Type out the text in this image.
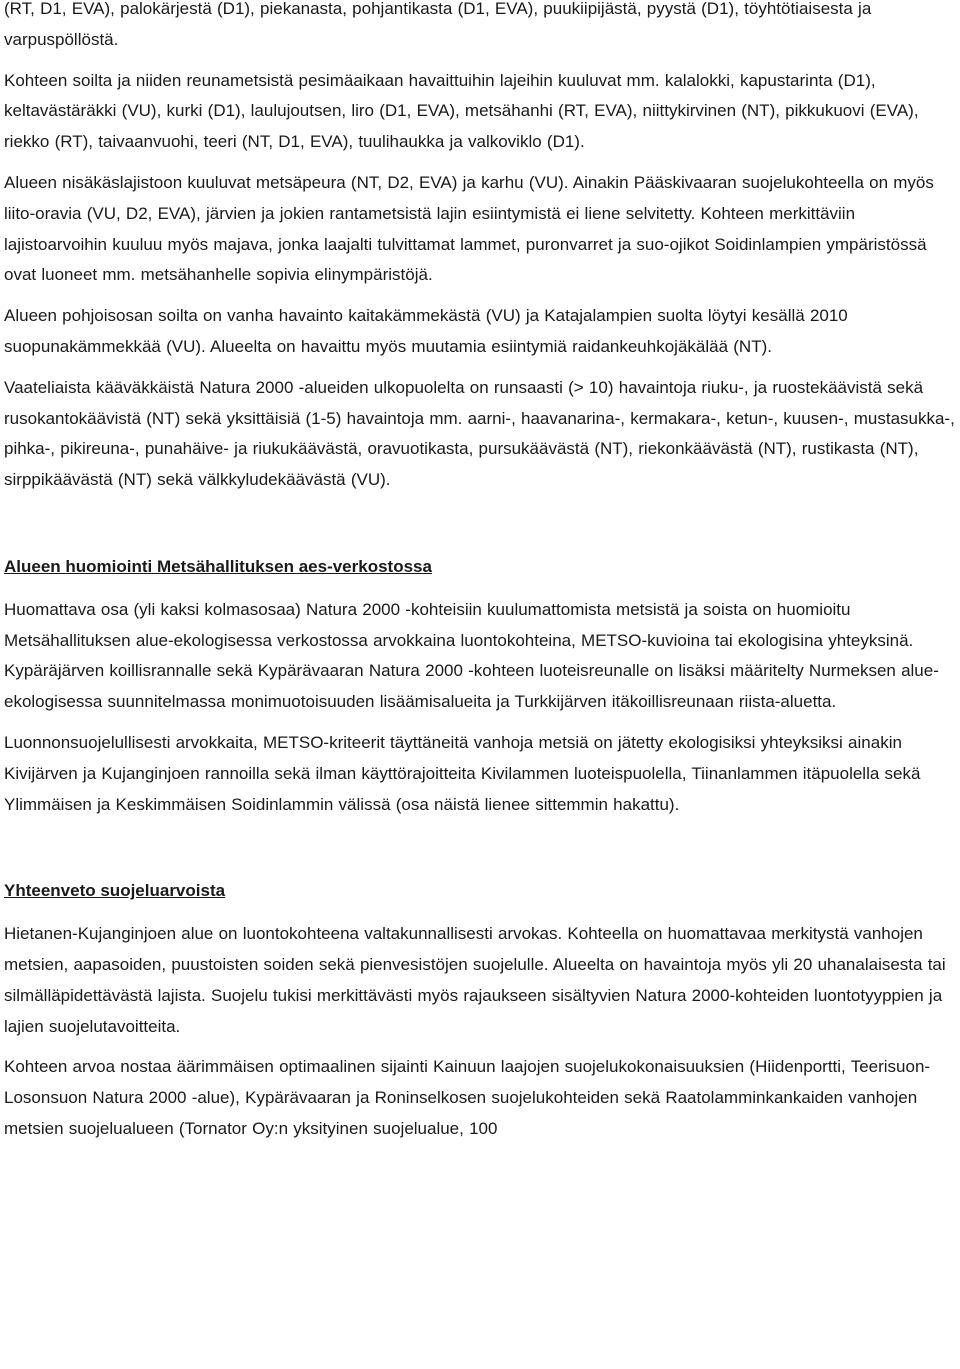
(RT, D1, EVA), palokärjestä (D1), piekanasta, pohjantikasta (D1, EVA), puukiipijästä, pyystä (D1), töyhtötiaisesta ja varpuspöllöstä.

Kohteen soilta ja niiden reunametsistä pesimäaikaan havaittuihin lajeihin kuuluvat mm. kalalokki, kapustarinta (D1), keltavästäräkki (VU), kurki (D1), laulujoutsen, liro (D1, EVA), metsähanhi (RT, EVA), niittykirvinen (NT), pikkukuovi (EVA), riekko (RT), taivaanvuohi, teeri (NT, D1, EVA), tuulihaukka ja valkoviklo (D1).

Alueen nisäkäslajistoon kuuluvat metsäpeura (NT, D2, EVA) ja karhu (VU). Ainakin Pääskivaaran suojelukohteella on myös liito-oravia (VU, D2, EVA), järvien ja jokien rantametsistä lajin esiintymistä ei liene selvitetty. Kohteen merkittäviin lajistoarvoihin kuuluu myös majava, jonka laajalti tulvittamat lammet, puronvarret ja suo-ojikot Soidinlampien ympäristössä ovat luoneet mm. metsähanhelle sopivia elinympäristöjä.

Alueen pohjoisosan soilta on vanha havainto kaitakämmekästä (VU) ja Katajalampien suolta löytyi kesällä 2010 suopunakämmekkää (VU). Alueelta on havaittu myös muutamia esiintymiä raidankeuhkojäkälää (NT).

Vaateliaista kääväkkäistä Natura 2000 -alueiden ulkopuolelta on runsaasti (> 10) havaintoja riuku-, ja ruostekäävistä sekä rusokantokäävistä (NT) sekä yksittäisiä (1-5) havaintoja mm. aarni-, haavanarina-, kermakara-, ketun-, kuusen-, mustasukka-, pihka-, pikireuna-, punahäive- ja riukukäävästä, oravuotikasta, pursukäävästä (NT), riekonkäävästä (NT), rustikasta (NT), sirppikäävästä (NT) sekä välkkyludekäävästä (VU).

Alueen huomiointi Metsähallituksen aes-verkostossa

Huomattava osa (yli kaksi kolmasosaa) Natura 2000 -kohteisiin kuulumattomista metsistä ja soista on huomioitu Metsähallituksen alue-ekologisessa verkostossa arvokkaina luontokohteina, METSO-kuvioina tai ekologisina yhteyksinä. Kypäräjärven koillisrannalle sekä Kypärävaaran Natura 2000 -kohteen luoteisreunalle on lisäksi määritelty Nurmeksen alue-ekologisessa suunnitelmassa monimuotoisuuden lisäämisalueita ja Turkkijärven itäkoillisreunaan riista-aluetta.

Luonnonsuojelullisesti arvokkaita, METSO-kriteerit täyttäneitä vanhoja metsiä on jätetty ekologisiksi yhteyksiksi ainakin Kivijärven ja Kujanginjoen rannoilla sekä ilman käyttörajoitteita Kivilammen luoteispuolella, Tiinanlammen itäpuolella sekä Ylimmäisen ja Keskimmäisen Soidinlammin välissä (osa näistä lienee sittemmin hakattu).

Yhteenveto suojeluarvoista

Hietanen-Kujanginjoen alue on luontokohteena valtakunnallisesti arvokas. Kohteella on huomattavaa merkitystä vanhojen metsien, aapasoiden, puustoisten soiden sekä pienvesistöjen suojelulle. Alueelta on havaintoja myös yli 20 uhanalaisesta tai silmälläpidettävästä lajista. Suojelu tukisi merkittävästi myös rajaukseen sisältyvien Natura 2000-kohteiden luontotyyppien ja lajien suojelutavoitteita.

Kohteen arvoa nostaa äärimmäisen optimaalinen sijainti Kainuun laajojen suojelukokonaisuuksien (Hiidenportti, Teerisuon-Losonsuon Natura 2000 -alue), Kypärävaaran ja Roninselkosen suojelukohteiden sekä Raatolamminkankaiden vanhojen metsien suojelualueen (Tornator Oy:n yksityinen suojelualue, 100
